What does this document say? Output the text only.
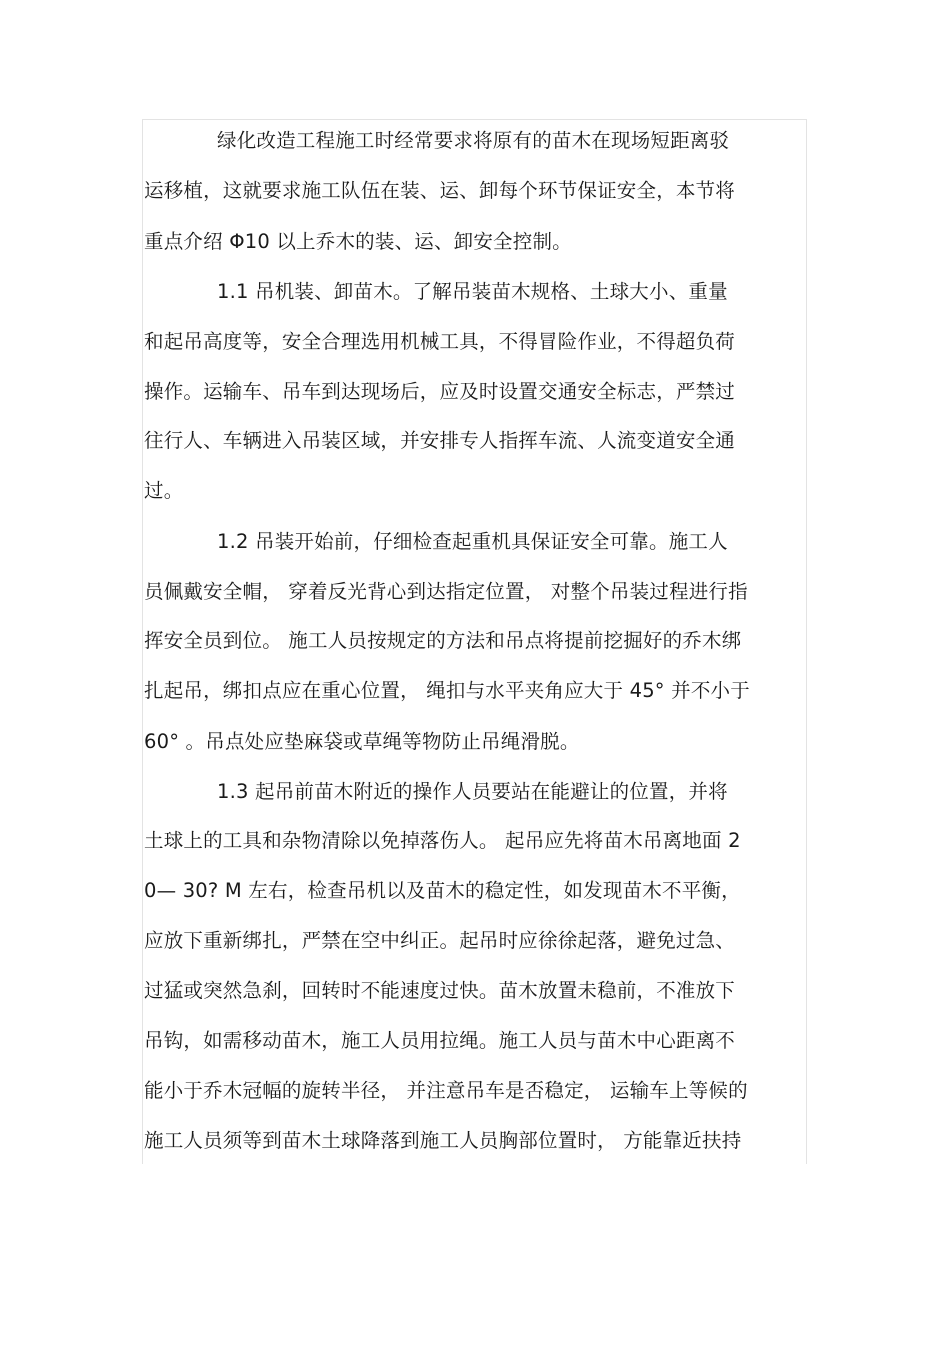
绿化改造工程施工时经常要求将原有的苗木在现场短距离驳
运移植，这就要求施工队伍在装、运、卸每个环节保证安全，本节将
重点介绍 Φ10 以上乔木的装、运、卸安全控制。
1.1 吊机装、卸苗木。了解吊装苗木规格、土球大小、重量
和起吊高度等，安全合理选用机械工具，不得冒险作业，不得超负荷
操作。运输车、吊车到达现场后，应及时设置交通安全标志，严禁过
往行人、车辆进入吊装区域，并安排专人指挥车流、人流变道安全通
过。
1.2 吊装开始前，仔细检查起重机具保证安全可靠。施工人
员佩戴安全帽， 穿着反光背心到达指定位置， 对整个吊装过程进行指
挥安全员到位。 施工人员按规定的方法和吊点将提前挖掘好的乔木绑
扎起吊，绑扣点应在重心位置， 绳扣与水平夹角应大于 45° 并不小于
60° 。吊点处应垫麻袋或草绳等物防止吊绳滑脱。
1.3 起吊前苗木附近的操作人员要站在能避让的位置，并将
土球上的工具和杂物清除以免掉落伤人。 起吊应先将苗木吊离地面 2
0— 30? M 左右，检查吊机以及苗木的稳定性，如发现苗木不平衡，
应放下重新绑扎，严禁在空中纠正。起吊时应徐徐起落，避免过急、
过猛或突然急刹，回转时不能速度过快。苗木放置未稳前，不准放下
吊钩，如需移动苗木，施工人员用拉绳。施工人员与苗木中心距离不
能小于乔木冠幅的旋转半径， 并注意吊车是否稳定， 运输车上等候的
施工人员须等到苗木土球降落到施工人员胸部位置时， 方能靠近扶持
